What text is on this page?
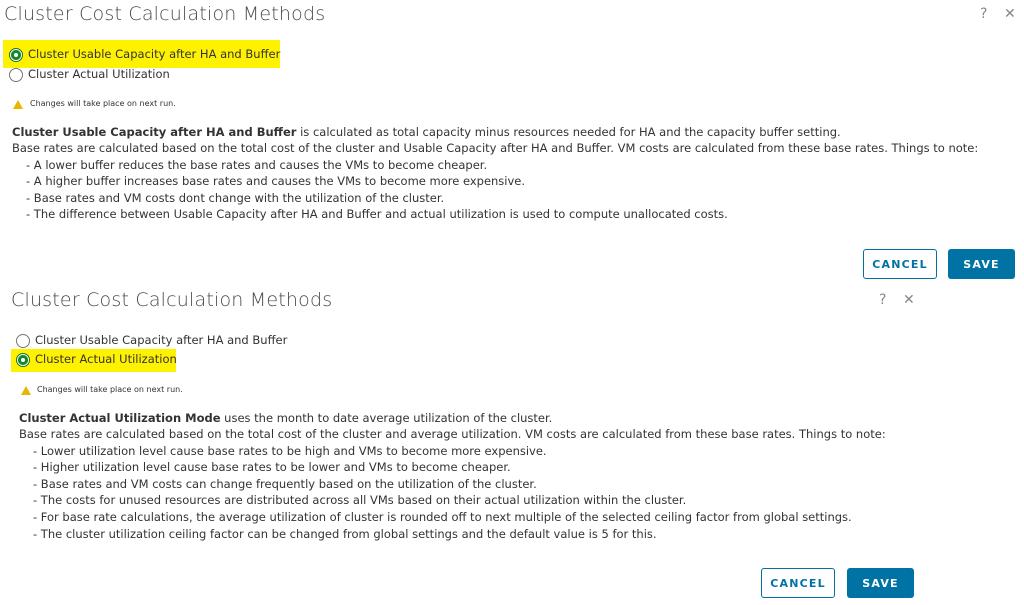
Cluster Cost Calculation Methods	? ✕
Cluster Usable Capacity after HA and Buffer
Cluster Actual Utilization
Changes will take place on next run.
Cluster Usable Capacity after HA and Buffer is calculated as total capacity minus resources needed for HA and the capacity buffer setting.
Base rates are calculated based on the total cost of the cluster and Usable Capacity after HA and Buffer. VM costs are calculated from these base rates. Things to note:
- A lower buffer reduces the base rates and causes the VMs to become cheaper.
- A higher buffer increases base rates and causes the VMs to become more expensive.
- Base rates and VM costs dont change with the utilization of the cluster.
- The difference between Usable Capacity after HA and Buffer and actual utilization is used to compute unallocated costs.
CANCEL	SAVE
Cluster Cost Calculation Methods	? ✕
Cluster Usable Capacity after HA and Buffer
Cluster Actual Utilization
Changes will take place on next run.
Cluster Actual Utilization Mode uses the month to date average utilization of the cluster.
Base rates are calculated based on the total cost of the cluster and average utilization. VM costs are calculated from these base rates. Things to note:
- Lower utilization level cause base rates to be high and VMs to become more expensive.
- Higher utilization level cause base rates to be lower and VMs to become cheaper.
- Base rates and VM costs can change frequently based on the utilization of the cluster.
- The costs for unused resources are distributed across all VMs based on their actual utilization within the cluster.
- For base rate calculations, the average utilization of cluster is rounded off to next multiple of the selected ceiling factor from global settings.
- The cluster utilization ceiling factor can be changed from global settings and the default value is 5 for this.
CANCEL	SAVE
